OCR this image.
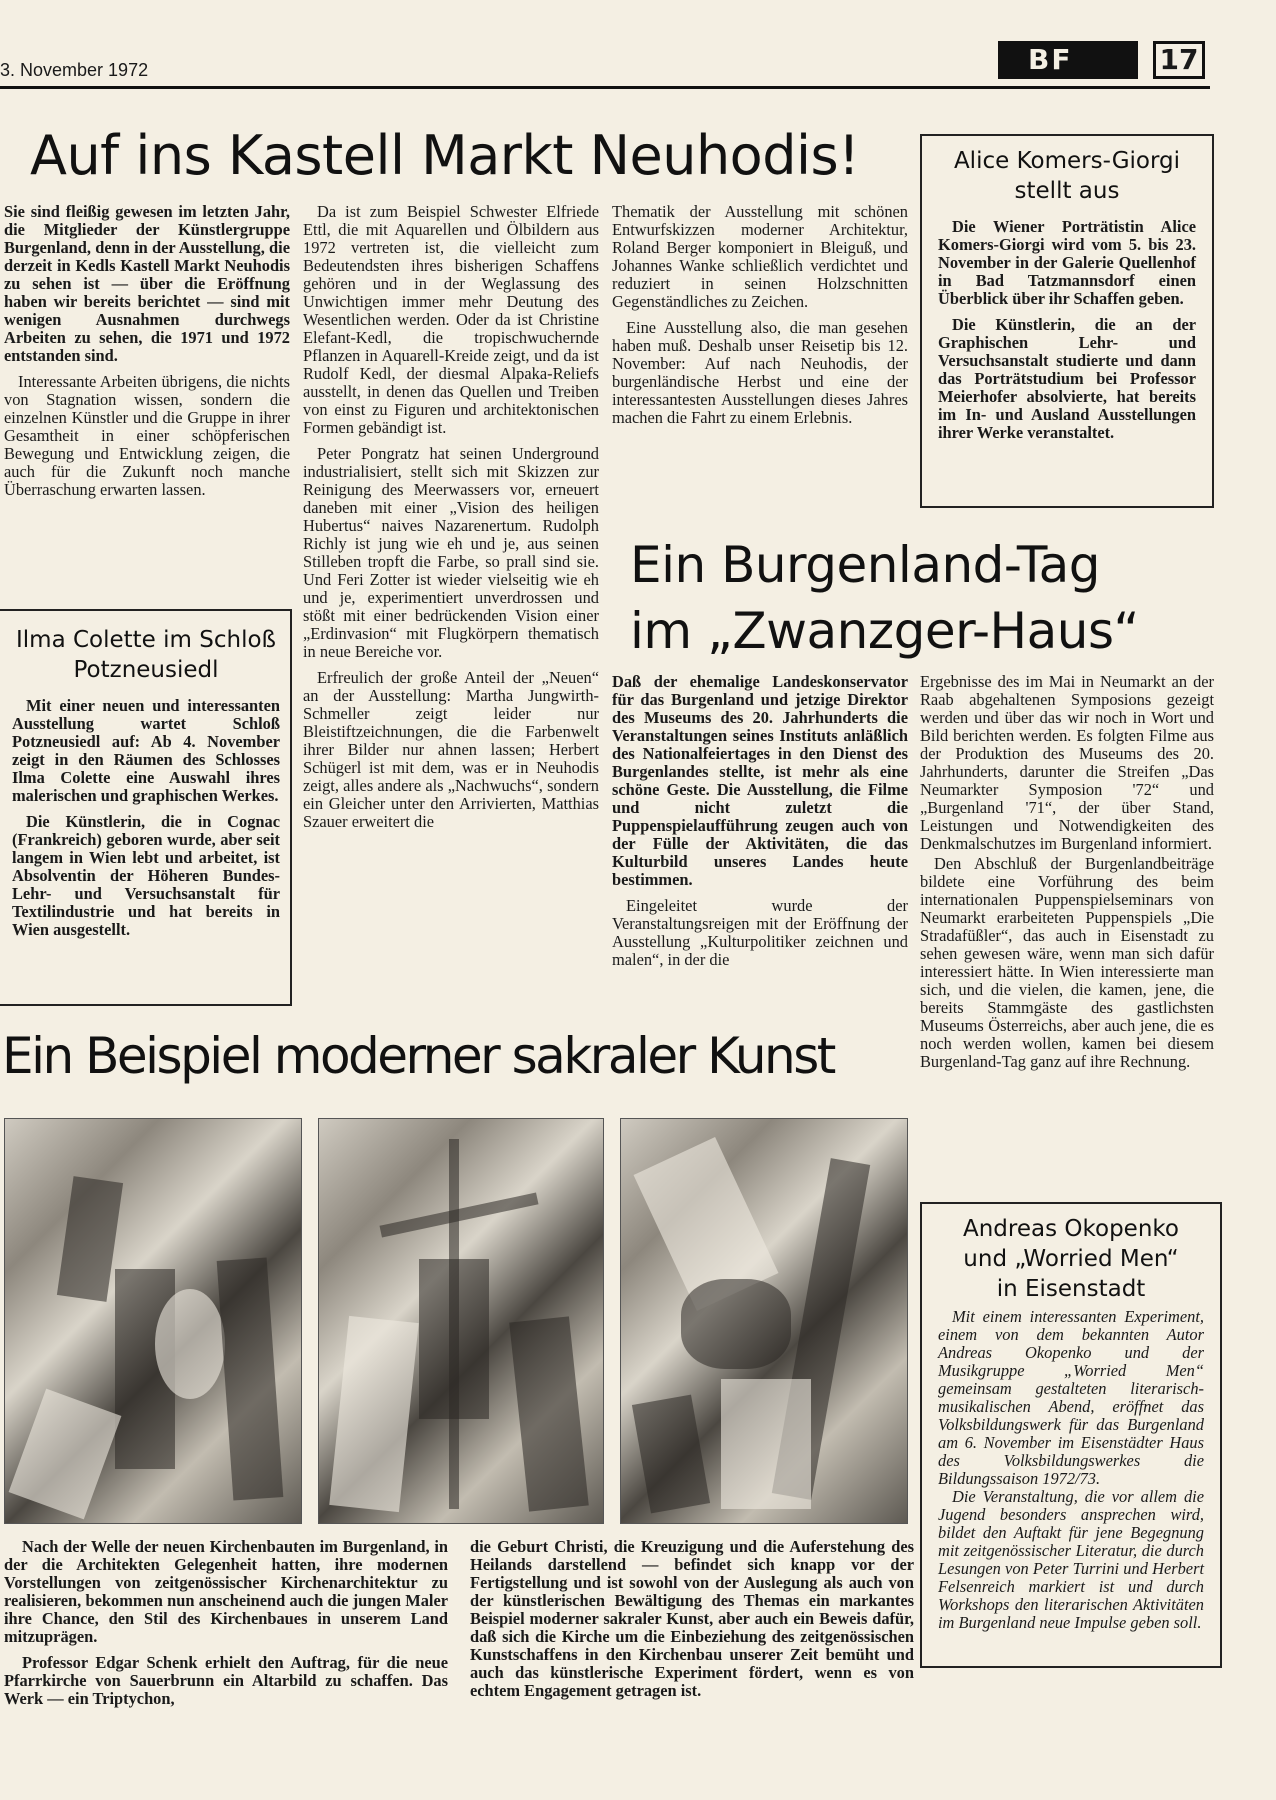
3. November 1972	BF	17
Auf ins Kastell Markt Neuhodis!

Sie sind fleißig gewesen im letzten Jahr, die Mitglieder der Künstlergruppe Burgenland, denn in der Ausstellung, die derzeit in Kedls Kastell Markt Neuhodis zu sehen ist — über die Eröffnung haben wir bereits berichtet — sind mit wenigen Ausnahmen durchwegs Arbeiten zu sehen, die 1971 und 1972 entstanden sind.

Interessante Arbeiten übrigens, die nichts von Stagnation wissen, sondern die einzelnen Künstler und die Gruppe in ihrer Gesamtheit in einer schöpferischen Bewegung und Entwicklung zeigen, die auch für die Zukunft noch manche Überraschung erwarten lassen.

Da ist zum Beispiel Schwester Elfriede Ettl, die mit Aquarellen und Ölbildern aus 1972 vertreten ist, die vielleicht zum Bedeutendsten ihres bisherigen Schaffens gehören und in der Weglassung des Unwichtigen immer mehr Deutung des Wesentlichen werden. Oder da ist Christine Elefant-Kedl, die tropischwuchernde Pflanzen in Aquarell-Kreide zeigt, und da ist Rudolf Kedl, der diesmal Alpaka-Reliefs ausstellt, in denen das Quellen und Treiben von einst zu Figuren und architektonischen Formen gebändigt ist.

Peter Pongratz hat seinen Underground industrialisiert, stellt sich mit Skizzen zur Reinigung des Meerwassers vor, erneuert daneben mit einer „Vision des heiligen Hubertus“ naives Nazarenertum. Rudolph Richly ist jung wie eh und je, aus seinen Stilleben tropft die Farbe, so prall sind sie. Und Feri Zotter ist wieder vielseitig wie eh und je, experimentiert unverdrossen und stößt mit einer bedrückenden Vision einer „Erdinvasion“ mit Flugkörpern thematisch in neue Bereiche vor.

Erfreulich der große Anteil der „Neuen“ an der Ausstellung: Martha Jungwirth-Schmeller zeigt leider nur Bleistiftzeichnungen, die die Farbenwelt ihrer Bilder nur ahnen lassen; Herbert Schügerl ist mit dem, was er in Neuhodis zeigt, alles andere als „Nachwuchs“, sondern ein Gleicher unter den Arrivierten, Matthias Szauer erweitert die

Thematik der Ausstellung mit schönen Entwurfskizzen moderner Architektur, Roland Berger komponiert in Bleiguß, und Johannes Wanke schließlich verdichtet und reduziert in seinen Holzschnitten Gegenständliches zu Zeichen.

Eine Ausstellung also, die man gesehen haben muß. Deshalb unser Reisetip bis 12. November: Auf nach Neuhodis, der burgenländische Herbst und eine der interessantesten Ausstellungen dieses Jahres machen die Fahrt zu einem Erlebnis.

Alice Komers-Giorgi
stellt aus

Die Wiener Porträtistin Alice Komers-Giorgi wird vom 5. bis 23. November in der Galerie Quellenhof in Bad Tatzmannsdorf einen Überblick über ihr Schaffen geben.

Die Künstlerin, die an der Graphischen Lehr- und Versuchsanstalt studierte und dann das Porträtstudium bei Professor Meierhofer absolvierte, hat bereits im In- und Ausland Ausstellungen ihrer Werke veranstaltet.

Ilma Colette im Schloß
Potzneusiedl

Mit einer neuen und interessanten Ausstellung wartet Schloß Potzneusiedl auf: Ab 4. November zeigt in den Räumen des Schlosses Ilma Colette eine Auswahl ihres malerischen und graphischen Werkes.

Die Künstlerin, die in Cognac (Frankreich) geboren wurde, aber seit langem in Wien lebt und arbeitet, ist Absolventin der Höheren Bundes-Lehr- und Versuchsanstalt für Textilindustrie und hat bereits in Wien ausgestellt.

Ein Burgenland-Tag
im „Zwanzger-Haus“

Daß der ehemalige Landeskonservator für das Burgenland und jetzige Direktor des Museums des 20. Jahrhunderts die Veranstaltungen seines Instituts anläßlich des Nationalfeiertages in den Dienst des Burgenlandes stellte, ist mehr als eine schöne Geste. Die Ausstellung, die Filme und nicht zuletzt die Puppenspielaufführung zeugen auch von der Fülle der Aktivitäten, die das Kulturbild unseres Landes heute bestimmen.

Eingeleitet wurde der Veranstaltungsreigen mit der Eröffnung der Ausstellung „Kulturpolitiker zeichnen und malen“, in der die

Ergebnisse des im Mai in Neumarkt an der Raab abgehaltenen Symposions gezeigt werden und über das wir noch in Wort und Bild berichten werden. Es folgten Filme aus der Produktion des Museums des 20. Jahrhunderts, darunter die Streifen „Das Neumarkter Symposion '72“ und „Burgenland '71“, der über Stand, Leistungen und Notwendigkeiten des Denkmalschutzes im Burgenland informiert.

Den Abschluß der Burgenlandbeiträge bildete eine Vorführung des beim internationalen Puppenspielseminars von Neumarkt erarbeiteten Puppenspiels „Die Stradafüßler“, das auch in Eisenstadt zu sehen gewesen wäre, wenn man sich dafür interessiert hätte. In Wien interessierte man sich, und die vielen, die kamen, jene, die bereits Stammgäste des gastlichsten Museums Österreichs, aber auch jene, die es noch werden wollen, kamen bei diesem Burgenland-Tag ganz auf ihre Rechnung.

Ein Beispiel moderner sakraler Kunst

Nach der Welle der neuen Kirchenbauten im Burgenland, in der die Architekten Gelegenheit hatten, ihre modernen Vorstellungen von zeitgenössischer Kirchenarchitektur zu realisieren, bekommen nun anscheinend auch die jungen Maler ihre Chance, den Stil des Kirchenbaues in unserem Land mitzuprägen.

Professor Edgar Schenk erhielt den Auftrag, für die neue Pfarrkirche von Sauerbrunn ein Altarbild zu schaffen. Das Werk — ein Triptychon,

die Geburt Christi, die Kreuzigung und die Auferstehung des Heilands darstellend — befindet sich knapp vor der Fertigstellung und ist sowohl von der Auslegung als auch von der künstlerischen Bewältigung des Themas ein markantes Beispiel moderner sakraler Kunst, aber auch ein Beweis dafür, daß sich die Kirche um die Einbeziehung des zeitgenössischen Kunstschaffens in den Kirchenbau unserer Zeit bemüht und auch das künstlerische Experiment fördert, wenn es von echtem Engagement getragen ist.

Andreas Okopenko
und „Worried Men“
in Eisenstadt

Mit einem interessanten Experiment, einem von dem bekannten Autor Andreas Okopenko und der Musikgruppe „Worried Men“ gemeinsam gestalteten literarisch-musikalischen Abend, eröffnet das Volksbildungswerk für das Burgenland am 6. November im Eisenstädter Haus des Volksbildungswerkes die Bildungssaison 1972/73.

Die Veranstaltung, die vor allem die Jugend besonders ansprechen wird, bildet den Auftakt für jene Begegnung mit zeitgenössischer Literatur, die durch Lesungen von Peter Turrini und Herbert Felsenreich markiert ist und durch Workshops den literarischen Aktivitäten im Burgenland neue Impulse geben soll.
